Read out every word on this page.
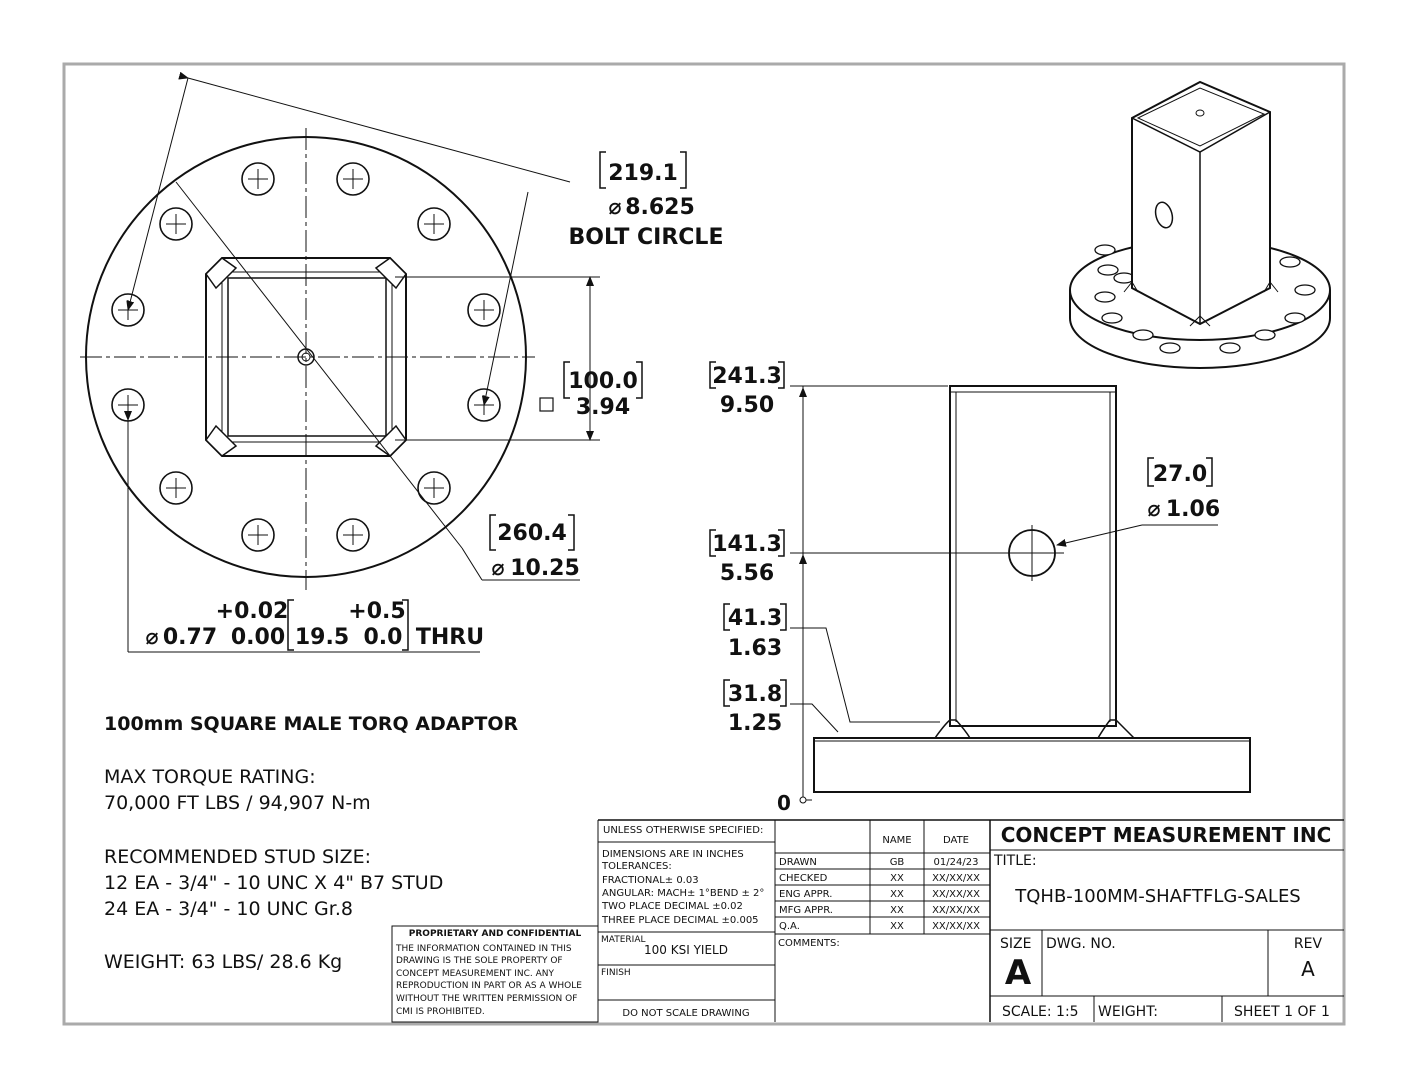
219.1
⌀ 8.625
BOLT CIRCLE
100.0
3.94
260.4
⌀ 10.25
⌀ 0.77
+0.02
0.00 19.5
+0.5
0.0 THRU
100mm SQUARE MALE TORQ ADAPTOR
MAX TORQUE RATING:
70,000 FT LBS / 94,907 N-m
RECOMMENDED STUD SIZE:
12 EA - 3/4" - 10 UNC X 4" B7 STUD
24 EA - 3/4" - 10 UNC Gr.8
WEIGHT: 63 LBS/ 28.6 Kg
241.3
9.50
141.3
5.56
41.3
1.63
31.8
1.25
0
27.0
⌀ 1.06
PROPRIETARY AND CONFIDENTIAL
THE INFORMATION CONTAINED IN THIS
DRAWING IS THE SOLE PROPERTY OF
CONCEPT MEASUREMENT INC. ANY
REPRODUCTION IN PART OR AS A WHOLE
WITHOUT THE WRITTEN PERMISSION OF
CMI IS PROHIBITED.
UNLESS OTHERWISE SPECIFIED:
DIMENSIONS ARE IN INCHES
TOLERANCES:
FRACTIONAL± 0.03
ANGULAR: MACH± 1°BEND ± 2°
TWO PLACE DECIMAL ±0.02
THREE PLACE DECIMAL ±0.005
MATERIAL
100 KSI YIELD
FINISH
DO NOT SCALE DRAWING
NAME	DATE
DRAWN	GB	01/24/23
CHECKED	XX	XX/XX/XX
ENG APPR.	XX	XX/XX/XX
MFG APPR.	XX	XX/XX/XX
Q.A.	XX	XX/XX/XX
COMMENTS:
CONCEPT MEASUREMENT INC
TITLE:
TQHB-100MM-SHAFTFLG-SALES
SIZE
A
DWG. NO.	REV
A
SCALE: 1:5 WEIGHT:	SHEET 1 OF 1
